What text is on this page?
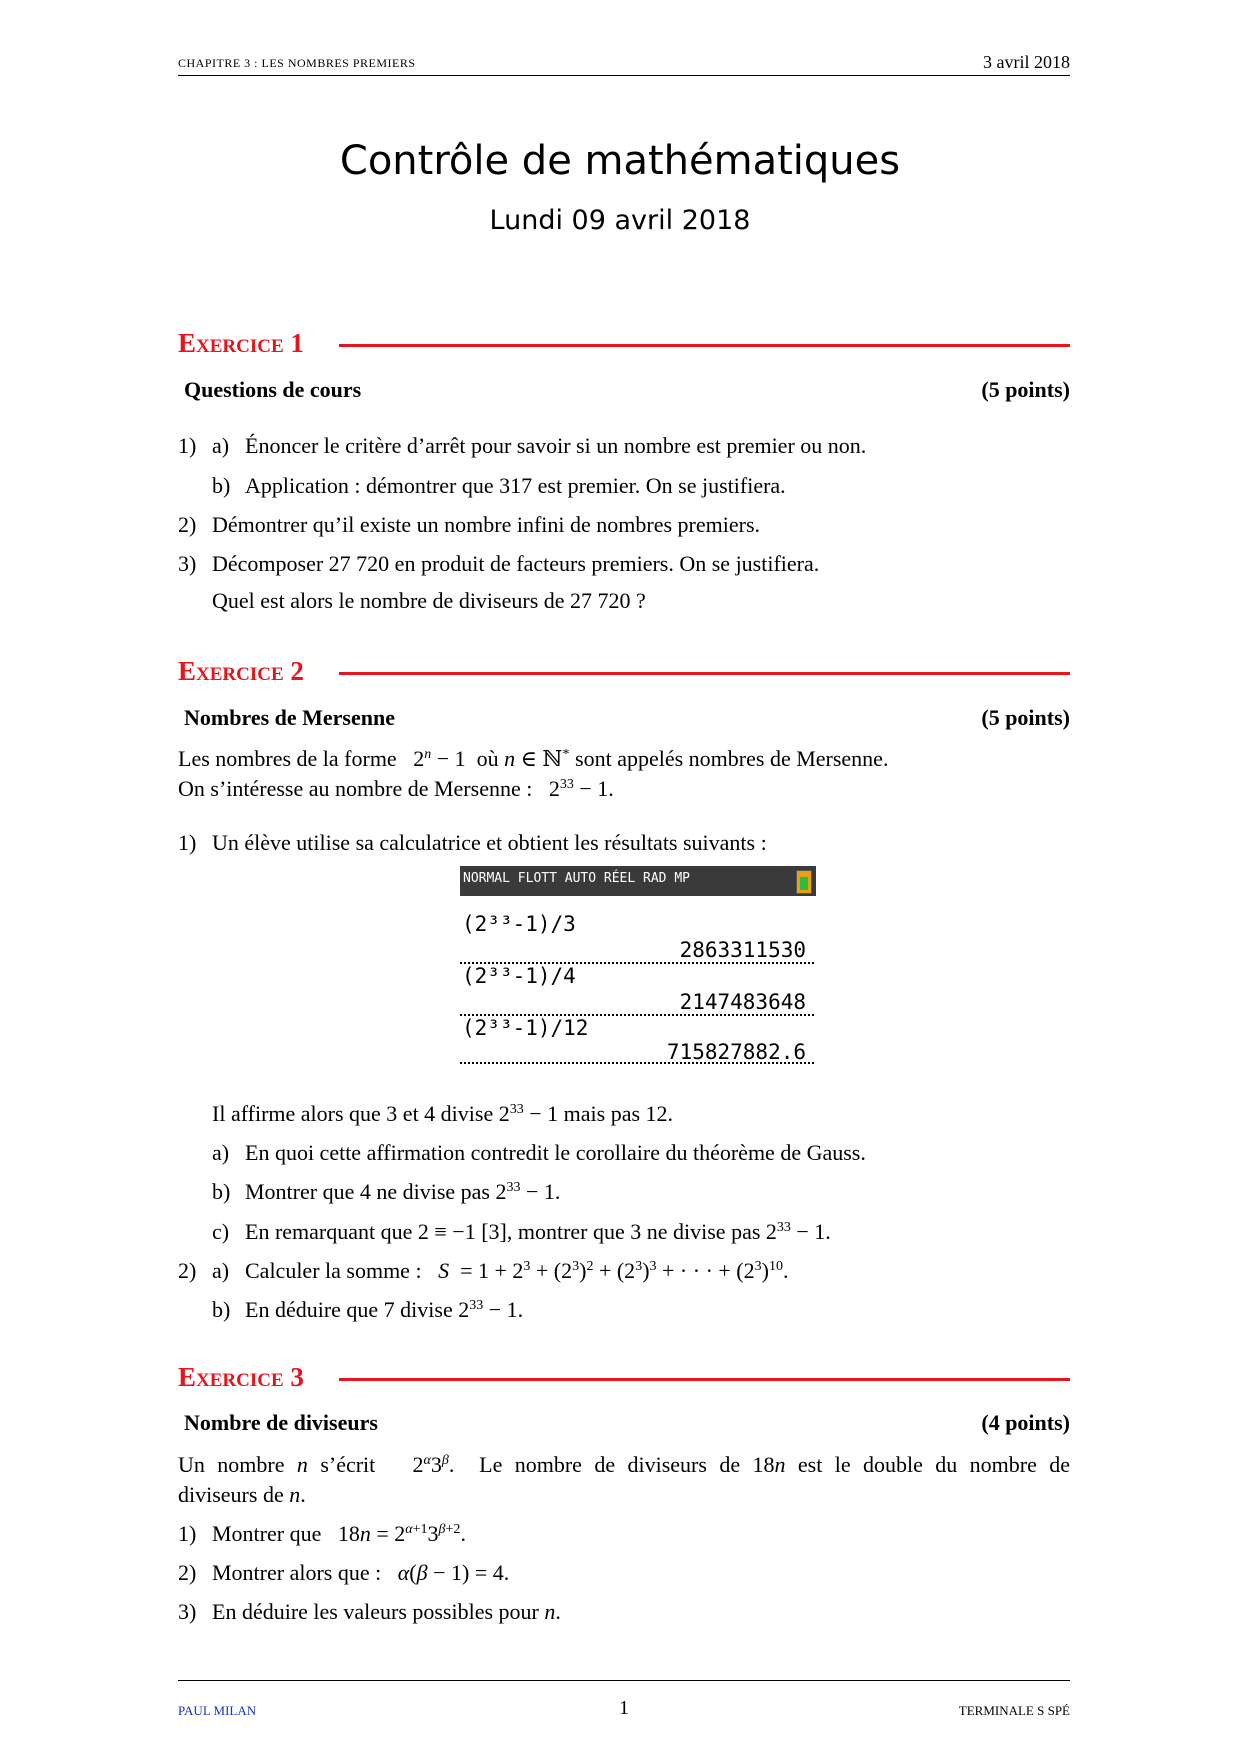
CHAPITRE 3 : LES NOMBRES PREMIERS	3 avril 2018
Contrôle de mathématiques
Lundi 09 avril 2018
Exercice 1
Questions de cours	(5 points)
1) a) Énoncer le critère d’arrêt pour savoir si un nombre est premier ou non.
b) Application : démontrer que 317 est premier. On se justifiera.
2) Démontrer qu’il existe un nombre infini de nombres premiers.
3) Décomposer 27 720 en produit de facteurs premiers. On se justifiera.
Quel est alors le nombre de diviseurs de 27 720 ?
Exercice 2
Nombres de Mersenne	(5 points)
Les nombres de la forme   $2^n - 1$  où n ∈ ℕ* sont appelés nombres de Mersenne.
On s’intéresse au nombre de Mersenne :   $2^{33} - 1$.
1) Un élève utilise sa calculatrice et obtient les résultats suivants :
NORMAL FLOTT AUTO RÉEL RAD MP
(2³³-1)/3
2863311530
(2³³-1)/4
2147483648
(2³³-1)/12
715827882.6
Il affirme alors que 3 et 4 divise $2^{33} - 1$ mais pas 12.
a) En quoi cette affirmation contredit le corollaire du théorème de Gauss.
b) Montrer que 4 ne divise pas $2^{33} - 1$.
c) En remarquant que 2 ≡ −1 [3], montrer que 3 ne divise pas $2^{33} - 1$.
2) a) Calculer la somme : $S = 1 + 2^3 + (2^3)^2 + (2^3)^3$ + · · · + $(2^3)^{10}$.
b) En déduire que 7 divise $2^{33} - 1$.
Exercice 3
Nombre de diviseurs	(4 points)
Un nombre n s’écrit   $2^\alpha 3^\beta$.  Le nombre de diviseurs de 18n est le double du nombre de
diviseurs de n.
1) Montrer que   $18n = 2^{\alpha+1}3^{\beta+2}$.
2) Montrer alors que : α(β − 1) = 4.
3) En déduire les valeurs possibles pour n.
PAUL MILAN	1	TERMINALE S SPÉ
